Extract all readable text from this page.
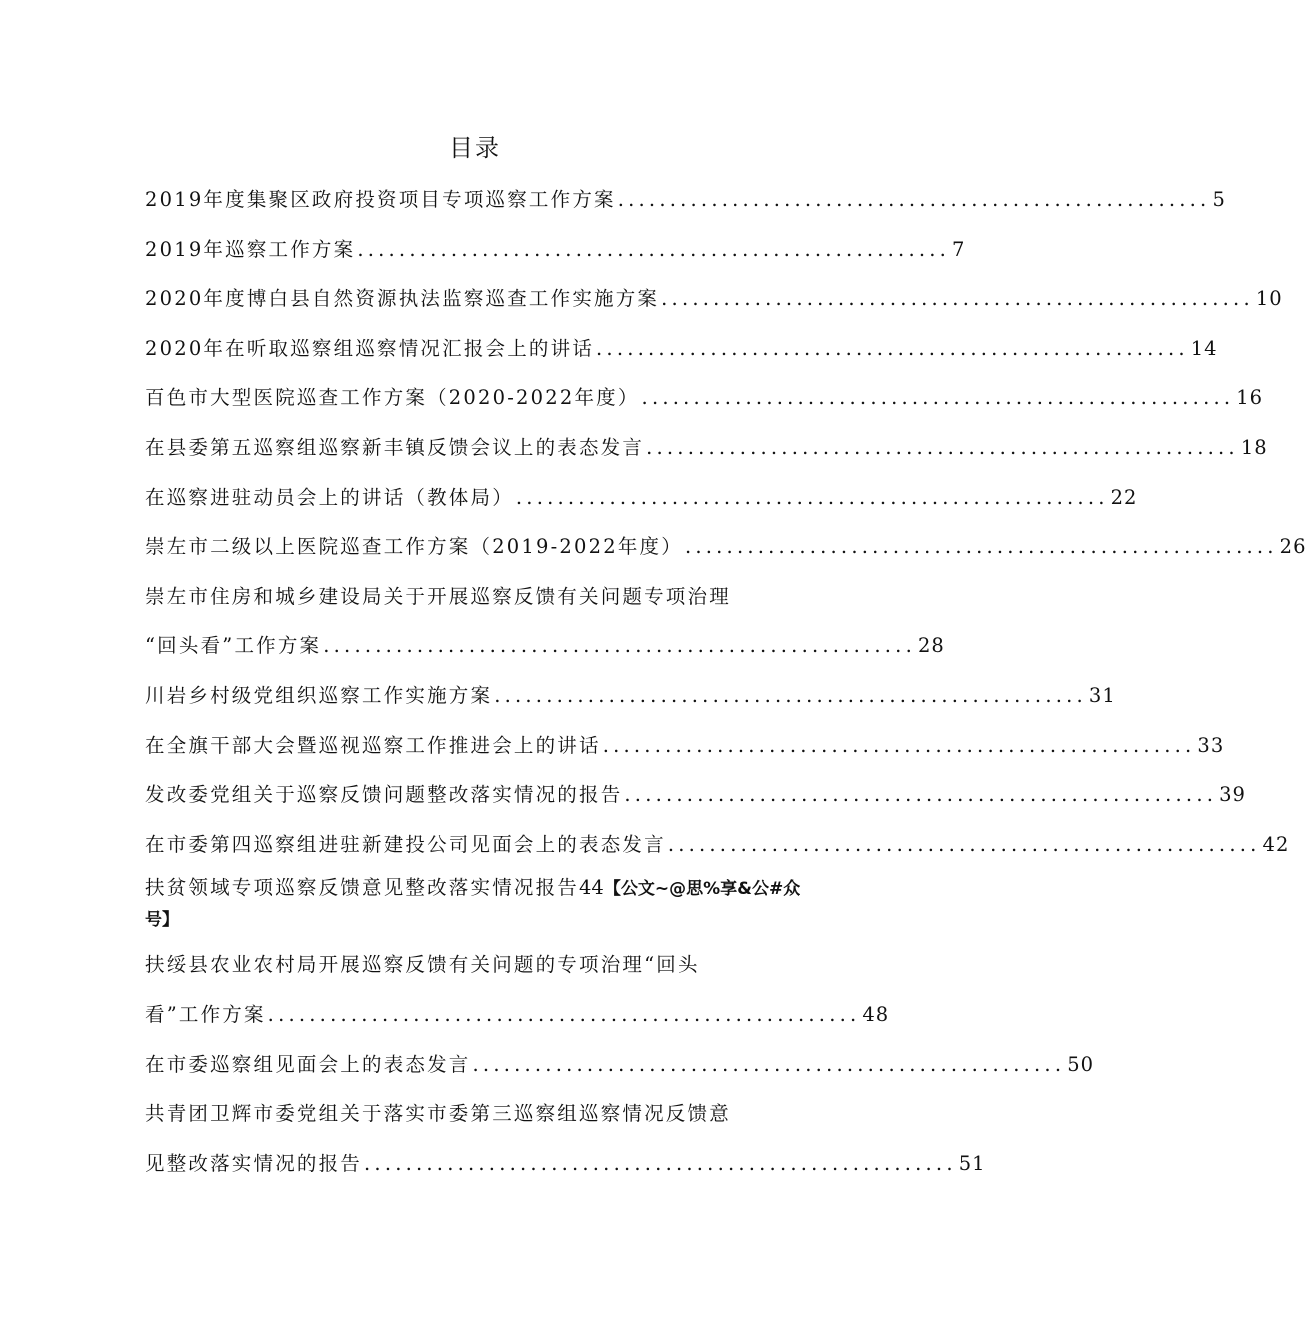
目录
2019年度集聚区政府投资项目专项巡察工作方案 ......................................................... 5
2019年巡察工作方案 ......................................................... 7
2020年度博白县自然资源执法监察巡查工作实施方案 ......................................................... 10
2020年在听取巡察组巡察情况汇报会上的讲话 ......................................................... 14
百色市大型医院巡查工作方案（2020-2022年度） ......................................................... 16
在县委第五巡察组巡察新丰镇反馈会议上的表态发言 ......................................................... 18
在巡察进驻动员会上的讲话（教体局） ......................................................... 22
崇左市二级以上医院巡查工作方案（2019-2022年度） ......................................................... 26
崇左市住房和城乡建设局关于开展巡察反馈有关问题专项治理
“回头看”工作方案 ......................................................... 28
川岩乡村级党组织巡察工作实施方案 ......................................................... 31
在全旗干部大会暨巡视巡察工作推进会上的讲话 ......................................................... 33
发改委党组关于巡察反馈问题整改落实情况的报告 ......................................................... 39
在市委第四巡察组进驻新建投公司见面会上的表态发言 ......................................................... 42
扶贫领域专项巡察反馈意见整改落实情况报告44【公文~@思%享&公#众号】
扶绥县农业农村局开展巡察反馈有关问题的专项治理“回头
看”工作方案 ......................................................... 48
在市委巡察组见面会上的表态发言 ......................................................... 50
共青团卫辉市委党组关于落实市委第三巡察组巡察情况反馈意
见整改落实情况的报告 ......................................................... 51
